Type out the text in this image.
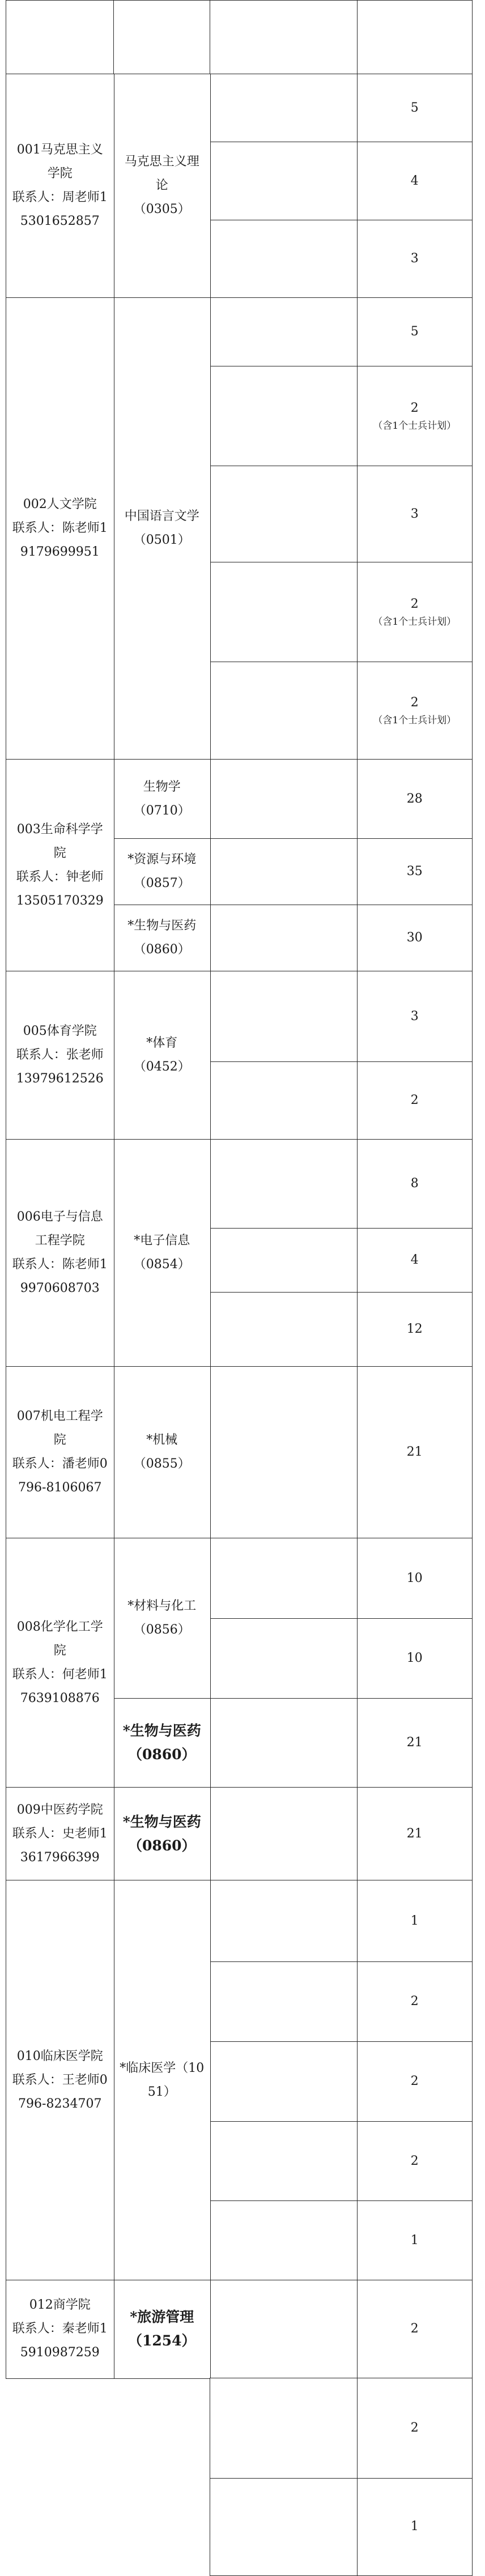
5
4
3
马克思主义理论
（0305）
001马克思主义学院
联系人：周老师15301652857
5
2
（含1个士兵计划）
3
2
（含1个士兵计划）
2
（含1个士兵计划）
中国语言文学（0501）
002人文学院
联系人：陈老师19179699951
28
生物学
（0710）
35
*资源与环境（0857）
30
*生物与医药（0860）
003生命科学学院
联系人：钟老师
13505170329
3
2
*体育
（0452）
005体育学院
联系人：张老师
13979612526
8
4
12
*电子信息
（0854）
006电子与信息工程学院
联系人：陈老师19970608703
21
*机械
（0855）
007机电工程学院
联系人：潘老师0796-8106067
10
10
*材料与化工（0856）
21
*生物与医药（0860）
008化学化工学院
联系人：何老师17639108876
21
*生物与医药（0860）
009中医药学院
联系人：史老师13617966399
1
2
2
2
1
*临床医学（1051）
010临床医学院
联系人：王老师0796-8234707
2
*旅游管理
（1254）
012商学院
联系人：秦老师15910987259
2
1
